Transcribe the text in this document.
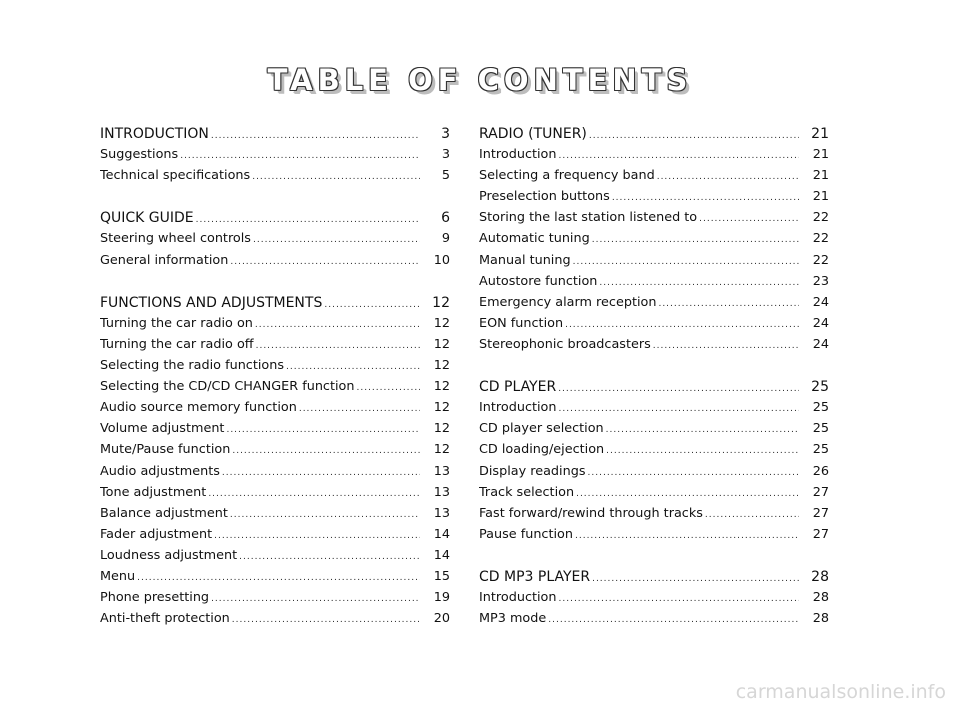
TABLE OF CONTENTS
INTRODUCTION .....	3
Suggestions .....	3
Technical specifications .....	5
QUICK GUIDE .....	6
Steering wheel controls .....	9
General information .....	10
FUNCTIONS AND ADJUSTMENTS .....	12
Turning the car radio on .....	12
Turning the car radio off .....	12
Selecting the radio functions .....	12
Selecting the CD/CD CHANGER function .....	12
Audio source memory function .....	12
Volume adjustment .....	12
Mute/Pause function .....	12
Audio adjustments .....	13
Tone adjustment .....	13
Balance adjustment .....	13
Fader adjustment .....	14
Loudness adjustment .....	14
Menu .....	15
Phone presetting .....	19
Anti-theft protection .....	20
RADIO (TUNER) .....	21
Introduction .....	21
Selecting a frequency band .....	21
Preselection buttons .....	21
Storing the last station listened to .....	22
Automatic tuning .....	22
Manual tuning .....	22
Autostore function .....	23
Emergency alarm reception .....	24
EON function .....	24
Stereophonic broadcasters .....	24
CD PLAYER .....	25
Introduction .....	25
CD player selection .....	25
CD loading/ejection .....	25
Display readings .....	26
Track selection .....	27
Fast forward/rewind through tracks .....	27
Pause function .....	27
CD MP3 PLAYER .....	28
Introduction .....	28
MP3 mode .....	28
carmanualsonline.info
